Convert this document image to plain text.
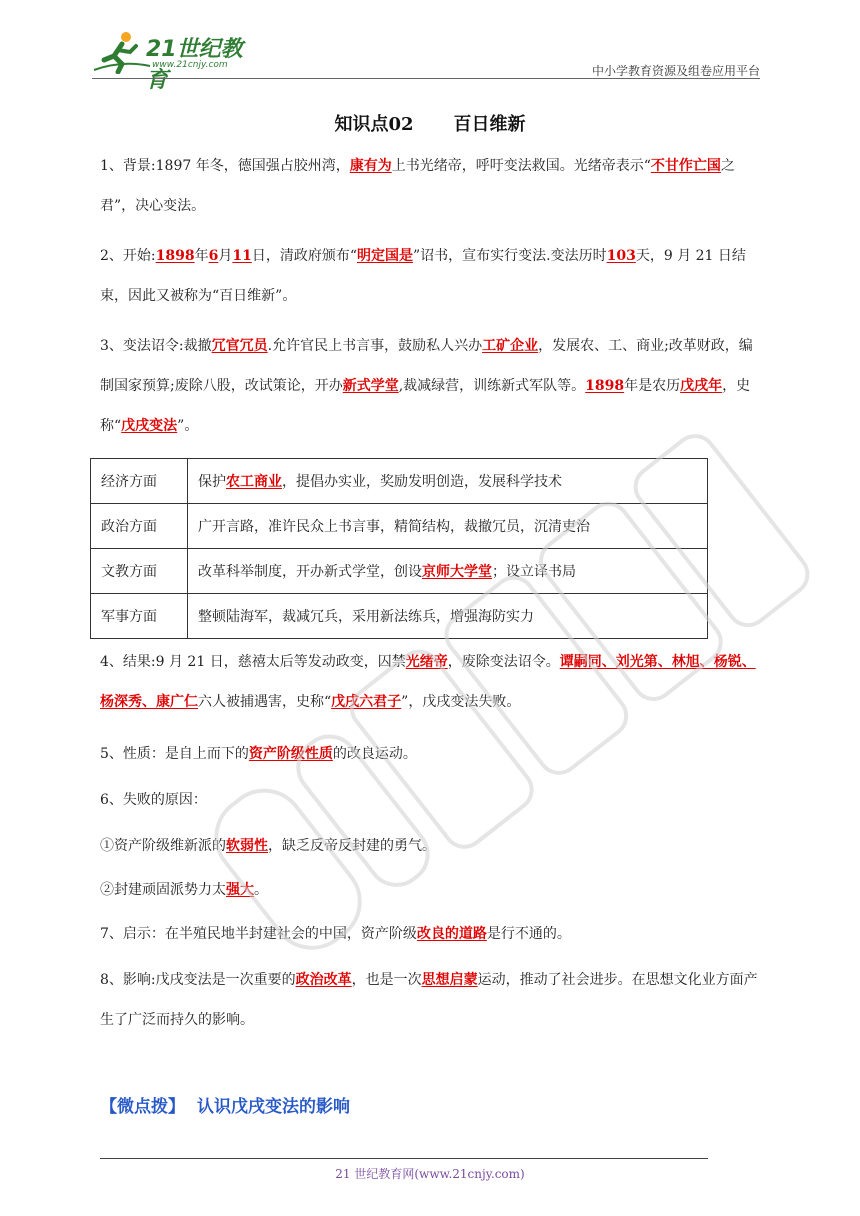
21世纪教育
www.21cnjy.com	中小学教育资源及组卷应用平台
知识点02 百日维新

1、背景:1897 年冬，德国强占胶州湾，康有为上书光绪帝，呼吁变法救国。光绪帝表示“不甘作亡国之君”，决心变法。

2、开始:1898年6月11日，清政府颁布“明定国是”诏书，宣布实行变法.变法历时103天，9 月 21 日结束，因此又被称为“百日维新”。

3、变法诏令:裁撤冗官冗员.允许官民上书言事，鼓励私人兴办工矿企业，发展农、工、商业;改革财政，编制国家预算;废除八股，改试策论，开办新式学堂,裁减绿营，训练新式军队等。1898年是农历戊戌年，史称“戊戌变法”。

经济方面	保护农工商业，提倡办实业，奖励发明创造，发展科学技术
政治方面	广开言路，准许民众上书言事，精简结构，裁撤冗员，沉清吏治
文教方面	改革科举制度，开办新式学堂，创设京师大学堂；设立译书局
军事方面	整顿陆海军，裁减冗兵，采用新法练兵，增强海防实力

4、结果:9 月 21 日，慈禧太后等发动政变，囚禁光绪帝，废除变法诏令。谭嗣同、刘光第、林旭、杨锐、杨深秀、康广仁六人被捕遇害，史称“戊戌六君子”，戊戌变法失败。

5、性质：是自上而下的资产阶级性质的改良运动。

6、失败的原因：

①资产阶级维新派的软弱性，缺乏反帝反封建的勇气。

②封建顽固派势力太强大。

7、启示：在半殖民地半封建社会的中国，资产阶级改良的道路是行不通的。

8、影响:戊戌变法是一次重要的政治改革，也是一次思想启蒙运动，推动了社会进步。在思想文化业方面产生了广泛而持久的影响。

【微点拨】 认识戊戌变法的影响
21 世纪教育网(www.21cnjy.com)
